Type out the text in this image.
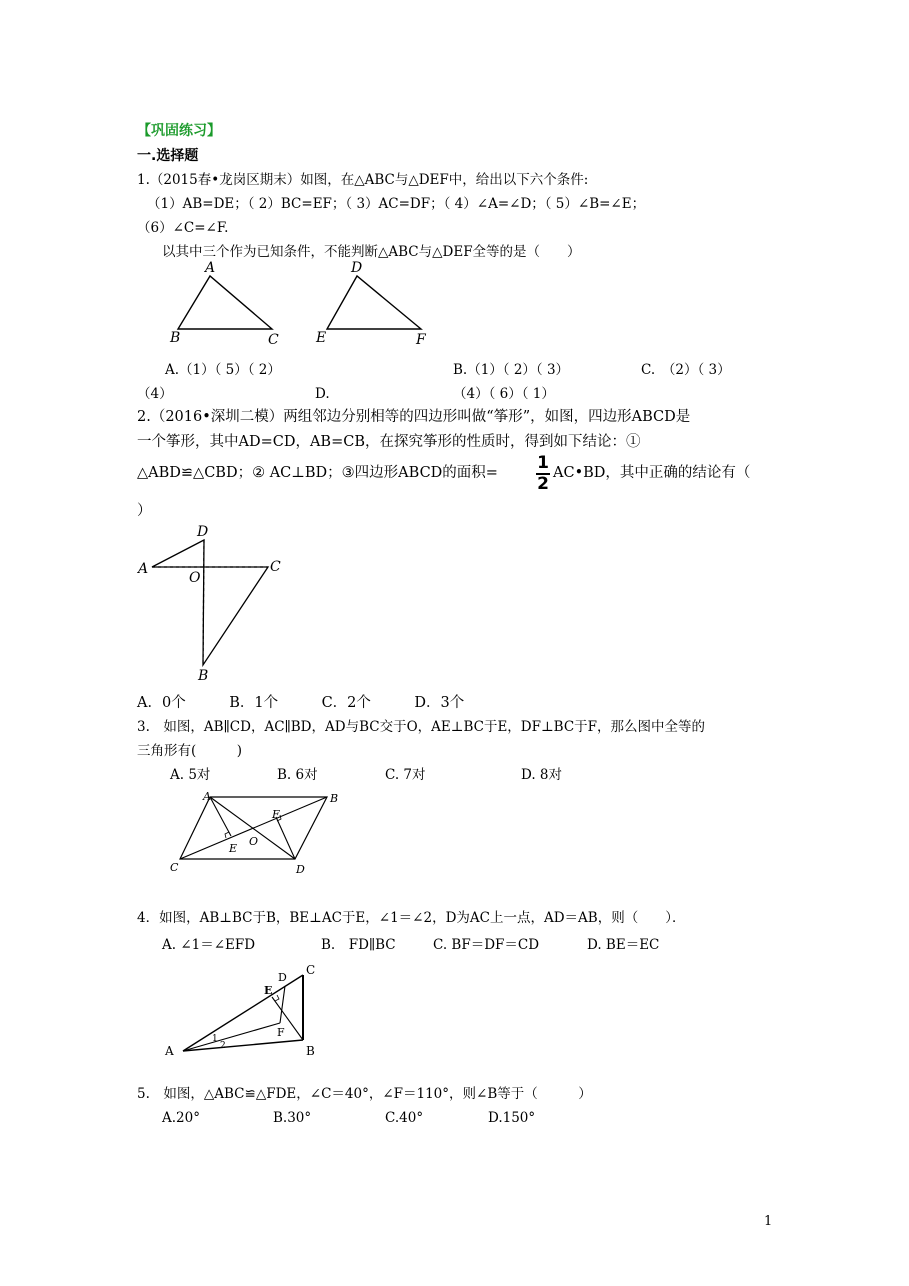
【巩固练习】
一.选择题
1.（2015春•龙岗区期末）如图，在△ABC与△DEF中，给出以下六个条件:
（1）AB=DE；（ 2）BC=EF；（ 3）AC=DF；（ 4）∠A=∠D；（ 5）∠B=∠E；
（6）∠C=∠F.
以其中三个作为已知条件，不能判断△ABC与△DEF全等的是（　　）
A
B	C
D
E	F
A.（1）（ 5）（ 2）	B.（1）（ 2）（ 3）	C.　（2）（ 3）
（4）	D.	（4）（ 6）（ 1）
2.（2016•深圳二模）两组邻边分别相等的四边形叫做“筝形”，如图，四边形ABCD是
一个筝形，其中AD=CD，AB=CB，在探究筝形的性质时，得到如下结论：①
△ABD≌△CBD；② AC⊥BD；③四边形ABCD的面积= 1
2
AC•BD，其中正确的结论有（
）
D
A	C
O
B
A．0个　　　B．1个　　　C．2个　　　D．3个
3.　如图，AB∥CD，AC∥BD，AD与BC交于O，AE⊥BC于E，DF⊥BC于F，那么图中全等的
三角形有(　　　)
A. 5对	B. 6对	C. 7对	D. 8对
A	B
C	D
E
F
O
4．如图，AB⊥BC于B，BE⊥AC于E，∠1＝∠2，D为AC上一点，AD＝AB，则（　　）．
A. ∠1＝∠EFD	B.　FD∥BC	C. BF＝DF＝CD	D. BE＝EC
E
D
C
F
B
A
1
2
5.　如图，△ABC≌△FDE，∠C＝40°，∠F＝110°，则∠B等于（　　　）
A.20°	B.30°	C.40°	D.150°
1
